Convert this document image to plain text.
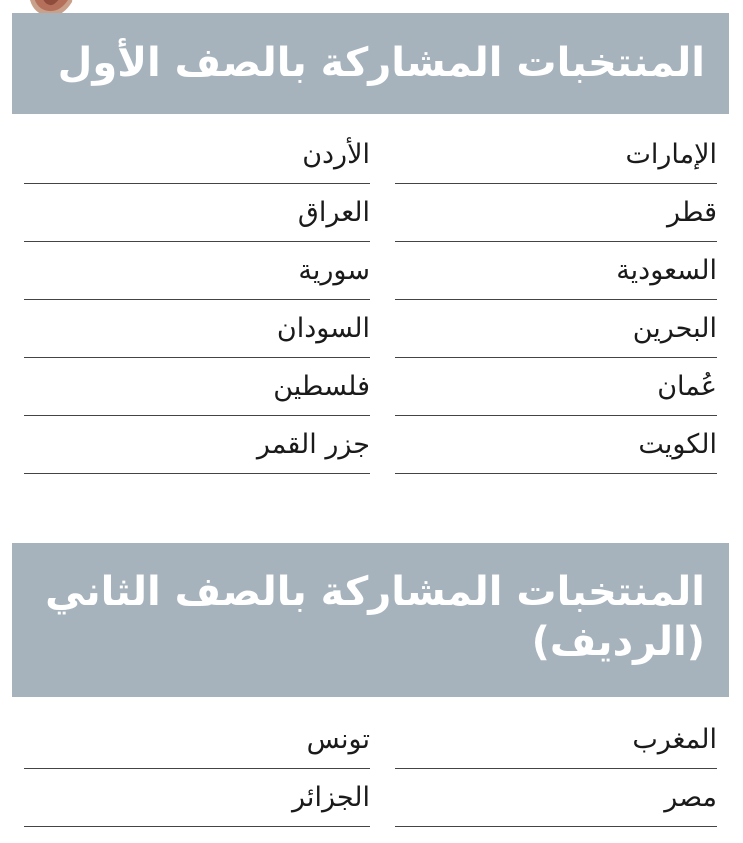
المنتخبات المشاركة بالصف الأول
الإمارات
قطر
السعودية
البحرين
عُمان
الكويت
الأردن
العراق
سورية
السودان
فلسطين
جزر القمر
المنتخبات المشاركة بالصف الثاني
(الرديف)
المغرب
مصر
تونس
الجزائر
